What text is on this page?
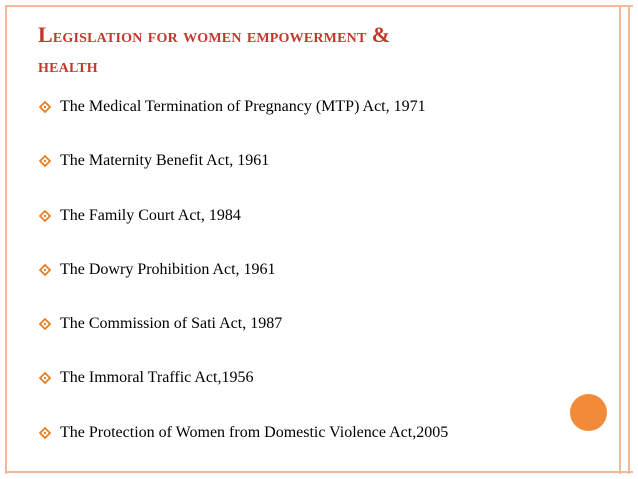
Legislation for women empowerment &
health
The Medical Termination of Pregnancy (MTP) Act, 1971
The Maternity Benefit Act, 1961
The Family Court Act, 1984
The Dowry Prohibition Act, 1961
The Commission of Sati Act, 1987
The Immoral Traffic Act,1956
The Protection of Women from Domestic Violence Act,2005
